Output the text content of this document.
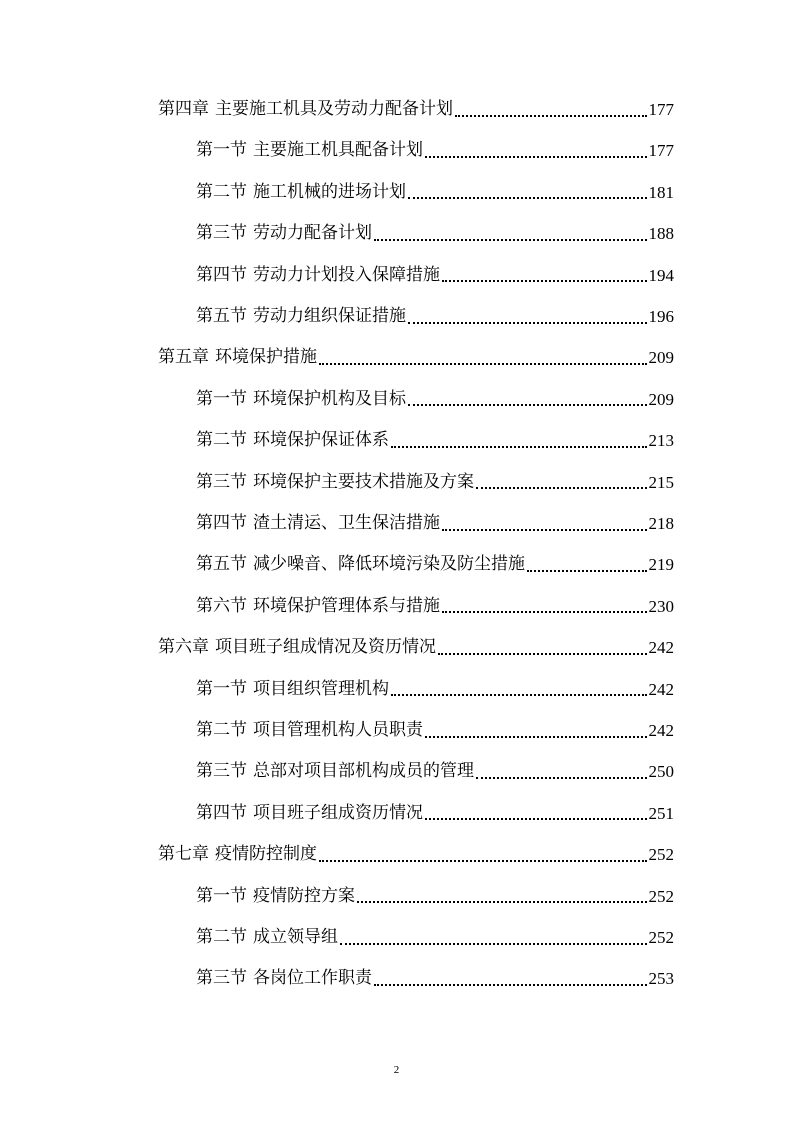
第四章 主要施工机具及劳动力配备计划	177
第一节 主要施工机具配备计划	177
第二节 施工机械的进场计划	181
第三节 劳动力配备计划	188
第四节 劳动力计划投入保障措施	194
第五节 劳动力组织保证措施	196
第五章 环境保护措施	209
第一节 环境保护机构及目标	209
第二节 环境保护保证体系	213
第三节 环境保护主要技术措施及方案	215
第四节 渣土清运、卫生保洁措施	218
第五节 减少噪音、降低环境污染及防尘措施	219
第六节 环境保护管理体系与措施	230
第六章 项目班子组成情况及资历情况	242
第一节 项目组织管理机构	242
第二节 项目管理机构人员职责	242
第三节 总部对项目部机构成员的管理	250
第四节 项目班子组成资历情况	251
第七章 疫情防控制度	252
第一节 疫情防控方案	252
第二节 成立领导组	252
第三节 各岗位工作职责	253
2
